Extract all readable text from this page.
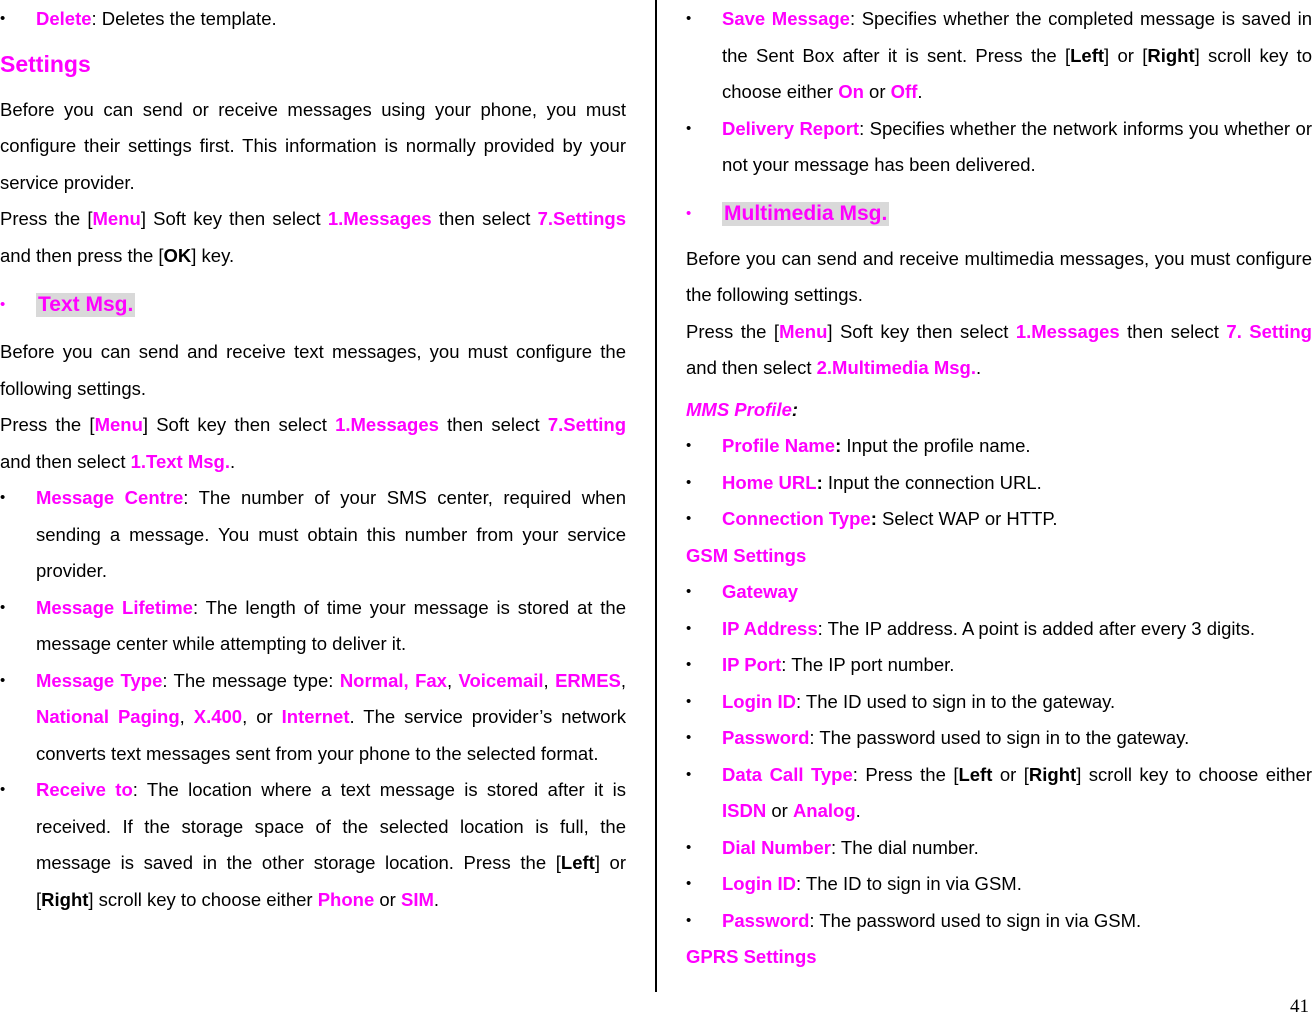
•	Delete: Deletes the template.
Settings

Before you can send or receive messages using your phone, you must configure their settings first. This information is normally provided by your service provider.

Press the [Menu] Soft key then select 1.Messages then select 7.Settings and then press the [OK] key.

•	Text Msg.

Before you can send and receive text messages, you must configure the following settings.

Press the [Menu] Soft key then select 1.Messages then select 7.Setting and then select 1.Text Msg..

•	Message Centre: The number of your SMS center, required when sending a message. You must obtain this number from your service provider.
•	Message Lifetime: The length of time your message is stored at the message center while attempting to deliver it.
•	Message Type: The message type: Normal, Fax, Voicemail, ERMES, National Paging, X.400, or Internet. The service provider’s network converts text messages sent from your phone to the selected format.
•	Receive to: The location where a text message is stored after it is received. If the storage space of the selected location is full, the message is saved in the other storage location. Press the [Left] or [Right] scroll key to choose either Phone or SIM.
•	Save Message: Specifies whether the completed message is saved in the Sent Box after it is sent. Press the [Left] or [Right] scroll key to choose either On or Off.
•	Delivery Report: Specifies whether the network informs you whether or not your message has been delivered.
•	Multimedia Msg.

Before you can send and receive multimedia messages, you must configure the following settings.

Press the [Menu] Soft key then select 1.Messages then select 7. Setting and then select 2.Multimedia Msg..

MMS Profile:

•	Profile Name: Input the profile name.
•	Home URL: Input the connection URL.
•	Connection Type: Select WAP or HTTP.

GSM Settings

•	Gateway
•	IP Address: The IP address. A point is added after every 3 digits.
•	IP Port: The IP port number.
•	Login ID: The ID used to sign in to the gateway.
•	Password: The password used to sign in to the gateway.
•	Data Call Type: Press the [Left or [Right] scroll key to choose either ISDN or Analog.
•	Dial Number: The dial number.
•	Login ID: The ID to sign in via GSM.
•	Password: The password used to sign in via GSM.

GPRS Settings

41
